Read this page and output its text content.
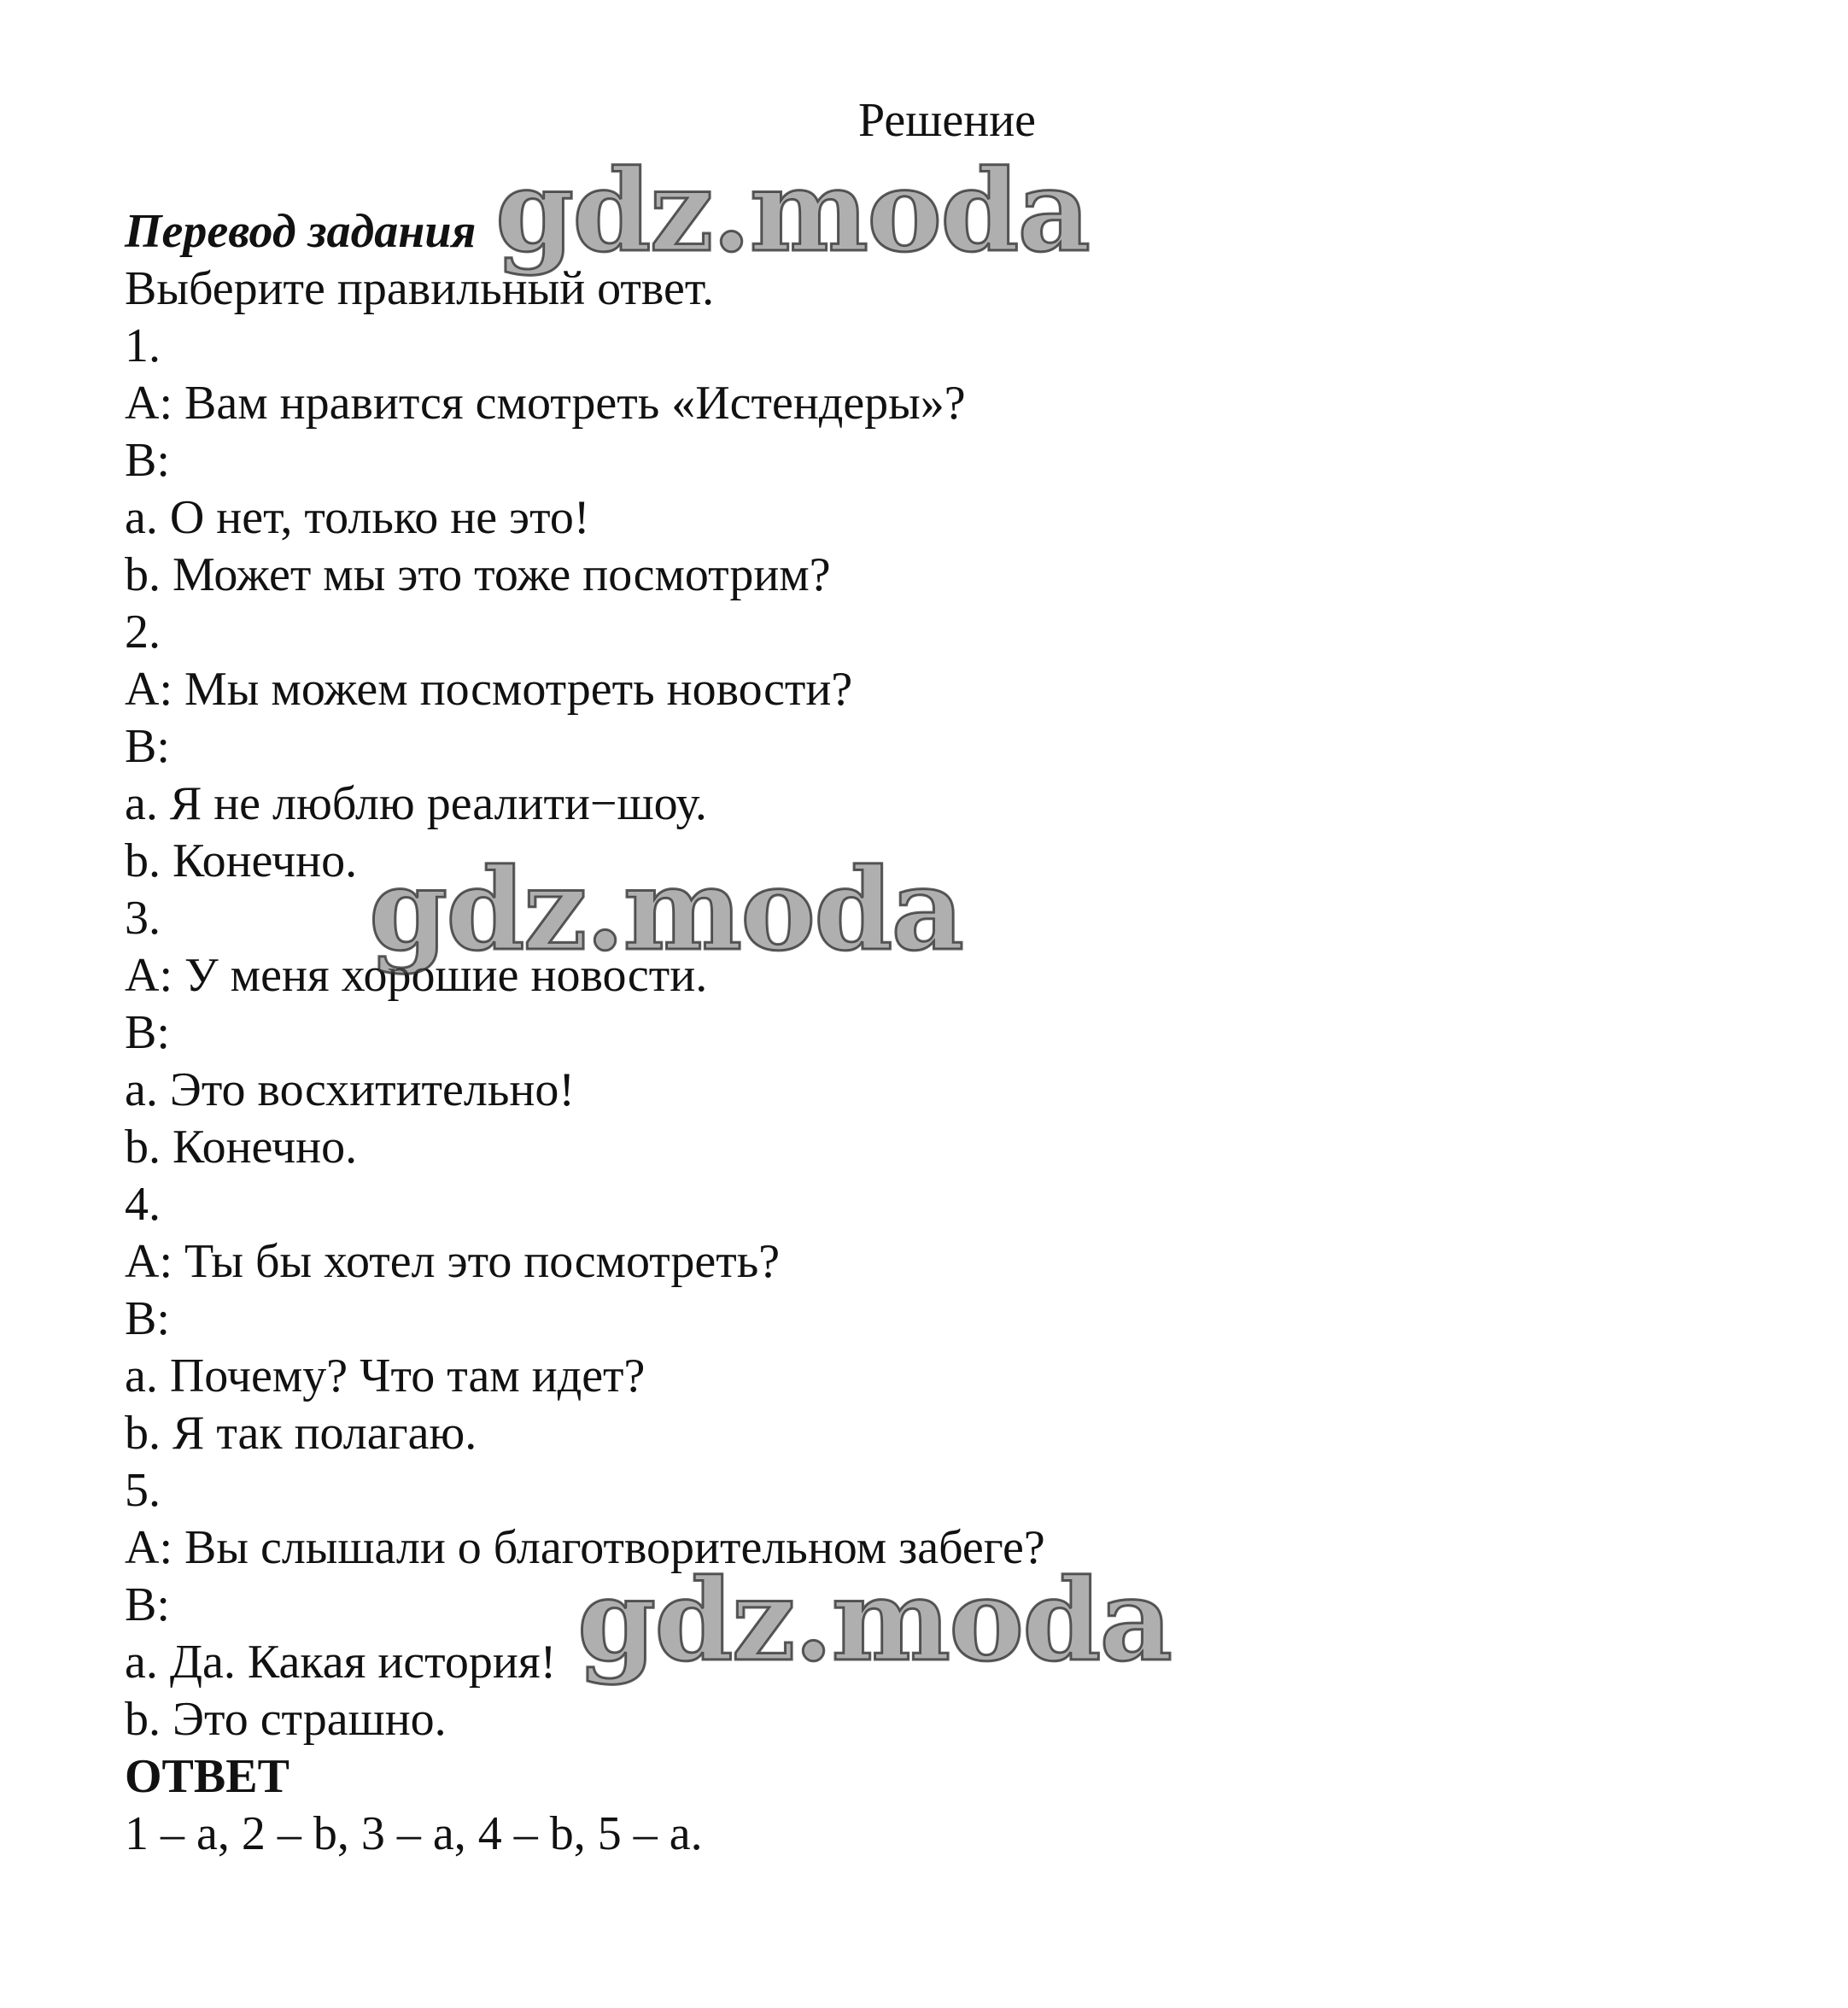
Решение
Перевод задания
Выберите правильный ответ.
1.
A: Вам нравится смотреть «Истендеры»?
B:
a. О нет, только не это!
b. Может мы это тоже посмотрим?
2.
A: Мы можем посмотреть новости?
B:
a. Я не люблю реалити−шоу.
b. Конечно.
3.
A: У меня хорошие новости.
B:
a. Это восхитительно!
b. Конечно.
4.
A: Ты бы хотел это посмотреть?
B:
a. Почему? Что там идет?
b. Я так полагаю.
5.
A: Вы слышали о благотворительном забеге?
B:
a. Да. Какая история!
b. Это страшно.
ОТВЕТ
1 – a, 2 – b, 3 – a, 4 – b, 5 – a.
gdz.moda
gdz.moda
gdz.moda
